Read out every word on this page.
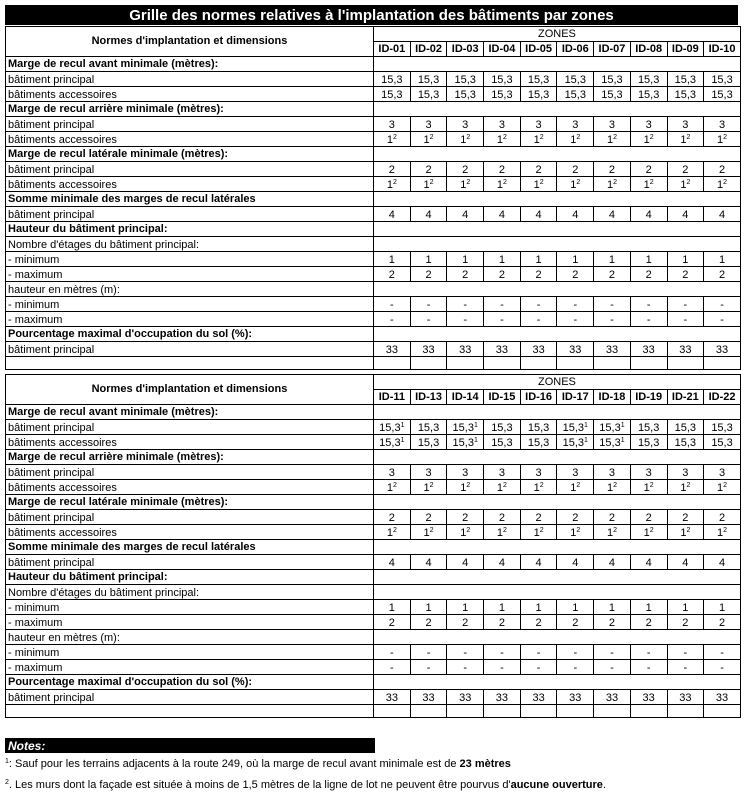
Grille des normes relatives à l'implantation des bâtiments par zones
Normes d'implantation et dimensions	ZONES									
	ID-01	ID-02	ID-03	ID-04	ID-05	ID-06	ID-07	ID-08	ID-09	ID-10
Marge de recul avant minimale (mètres):										
bâtiment principal	15,3	15,3	15,3	15,3	15,3	15,3	15,3	15,3	15,3	15,3
bâtiments accessoires	15,3	15,3	15,3	15,3	15,3	15,3	15,3	15,3	15,3	15,3
Marge de recul arrière minimale (mètres):										
bâtiment principal	3	3	3	3	3	3	3	3	3	3
bâtiments accessoires	$1^2$	$1^2$	$1^2$	$1^2$	$1^2$	$1^2$	$1^2$	$1^2$	$1^2$	$1^2$
Marge de recul latérale minimale (mètres):										
bâtiment principal	2	2	2	2	2	2	2	2	2	2
bâtiments accessoires	$1^2$	$1^2$	$1^2$	$1^2$	$1^2$	$1^2$	$1^2$	$1^2$	$1^2$	$1^2$
Somme minimale des marges de recul latérales										
bâtiment principal	4	4	4	4	4	4	4	4	4	4
Hauteur du bâtiment principal:										
Nombre d'étages du bâtiment principal:										
- minimum	1	1	1	1	1	1	1	1	1	1
- maximum	2	2	2	2	2	2	2	2	2	2
hauteur en mètres (m):										
- minimum	-	-	-	-	-	-	-	-	-	-
- maximum	-	-	-	-	-	-	-	-	-	-
Pourcentage maximal d'occupation du sol (%):										
bâtiment principal	33	33	33	33	33	33	33	33	33	33

Normes d'implantation et dimensions	ZONES									
	ID-11	ID-13	ID-14	ID-15	ID-16	ID-17	ID-18	ID-19	ID-21	ID-22
Marge de recul avant minimale (mètres):										
bâtiment principal	15,3$^1$	15,3	15,3$^1$	15,3	15,3	15,3$^1$	15,3$^1$	15,3	15,3	15,3
bâtiments accessoires	15,3$^1$	15,3	15,3$^1$	15,3	15,3	15,3$^1$	15,3$^1$	15,3	15,3	15,3
Marge de recul arrière minimale (mètres):										
bâtiment principal	3	3	3	3	3	3	3	3	3	3
bâtiments accessoires	$1^2$	$1^2$	$1^2$	$1^2$	$1^2$	$1^2$	$1^2$	$1^2$	$1^2$	$1^2$
Marge de recul latérale minimale (mètres):										
bâtiment principal	2	2	2	2	2	2	2	2	2	2
bâtiments accessoires	$1^2$	$1^2$	$1^2$	$1^2$	$1^2$	$1^2$	$1^2$	$1^2$	$1^2$	$1^2$
Somme minimale des marges de recul latérales										
bâtiment principal	4	4	4	4	4	4	4	4	4	4
Hauteur du bâtiment principal:										
Nombre d'étages du bâtiment principal:										
- minimum	1	1	1	1	1	1	1	1	1	1
- maximum	2	2	2	2	2	2	2	2	2	2
hauteur en mètres (m):										
- minimum	-	-	-	-	-	-	-	-	-	-
- maximum	-	-	-	-	-	-	-	-	-	-
Pourcentage maximal d'occupation du sol (%):										
bâtiment principal	33	33	33	33	33	33	33	33	33	33

Notes:
$^1$: Sauf pour les terrains adjacents à la route 249, où la marge de recul avant minimale est de 23 mètres
$^2$. Les murs dont la façade est située à moins de 1,5 mètres de la ligne de lot ne peuvent être pourvus d'aucune ouverture.
